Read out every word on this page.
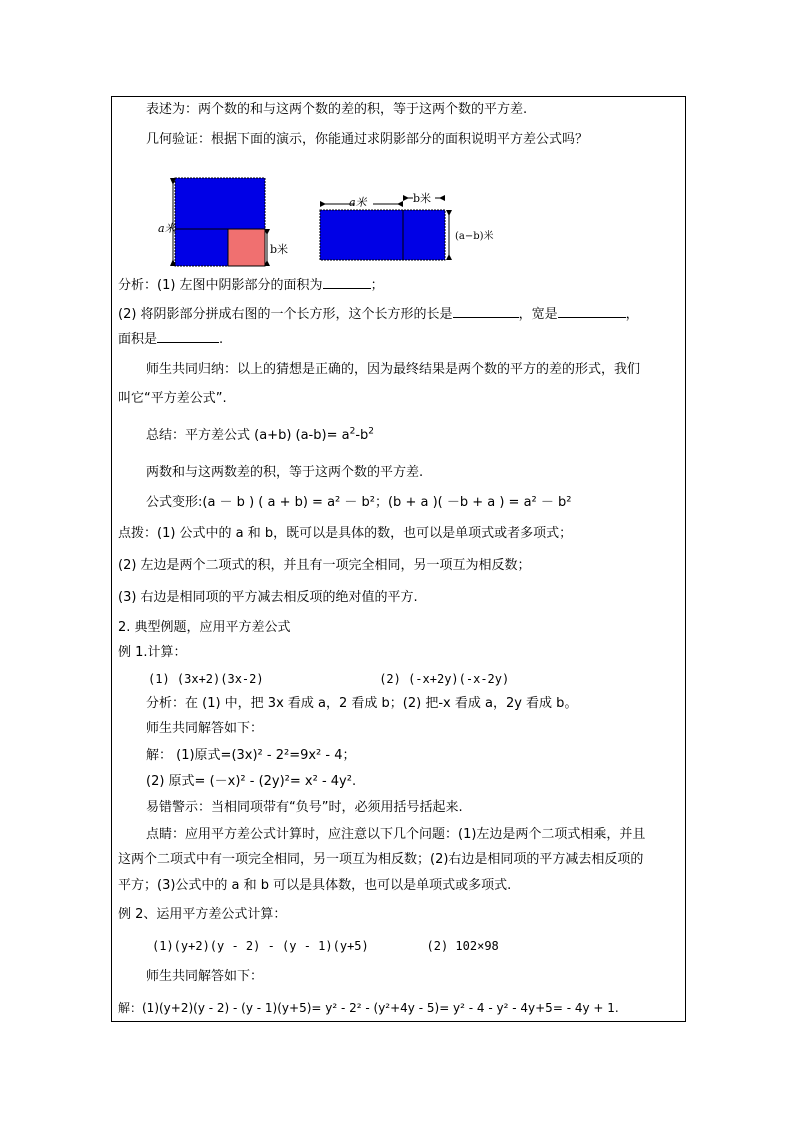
表述为：两个数的和与这两个数的差的积，等于这两个数的平方差.
几何验证：根据下面的演示，你能通过求阴影部分的面积说明平方差公式吗？
a米
b米
a米	b米
(a−b)米
分析：(1) 左图中阴影部分的面积为	；
(2) 将阴影部分拼成右图的一个长方形，这个长方形的长是	，宽是	，
面积是	.
师生共同归纳：以上的猜想是正确的，因为最终结果是两个数的平方的差的形式，我们
叫它“平方差公式”.
总结：平方差公式 (a+b) $(a-b)= a^2-b^2$
两数和与这两数差的积，等于这两个数的平方差.
公式变形:(a － b ) ( a + b) = a² － b²；(b + a )( －b + a ) = a² － b²
点拨：(1) 公式中的 a 和 b，既可以是具体的数，也可以是单项式或者多项式；
(2) 左边是两个二项式的积，并且有一项完全相同，另一项互为相反数；
(3) 右边是相同项的平方减去相反项的绝对值的平方.
2. 典型例题，应用平方差公式
例 1.计算：
(1) (3x+2)(3x-2)                (2) (-x+2y)(-x-2y)
分析：在 (1) 中，把 3x 看成 a，2 看成 b；(2) 把-x 看成 a，2y 看成 b。
师生共同解答如下：
解： (1)原式=(3x)² - 2²=9x² - 4；
(2) 原式= (－x)² - (2y)²= x² - 4y².
易错警示：当相同项带有“负号”时，必须用括号括起来.
点睛：应用平方差公式计算时，应注意以下几个问题：(1)左边是两个二项式相乘，并且
这两个二项式中有一项完全相同，另一项互为相反数；(2)右边是相同项的平方减去相反项的
平方；(3)公式中的 a 和 b 可以是具体数，也可以是单项式或多项式.
例 2、运用平方差公式计算：
(1)(y+2)(y - 2) - (y - 1)(y+5)        (2) 102×98
师生共同解答如下：
解：(1)(y+2)(y - 2) - (y - 1)(y+5)= y² - 2² - (y²+4y - 5)= y² - 4 - y² - 4y+5= - 4y + 1.
